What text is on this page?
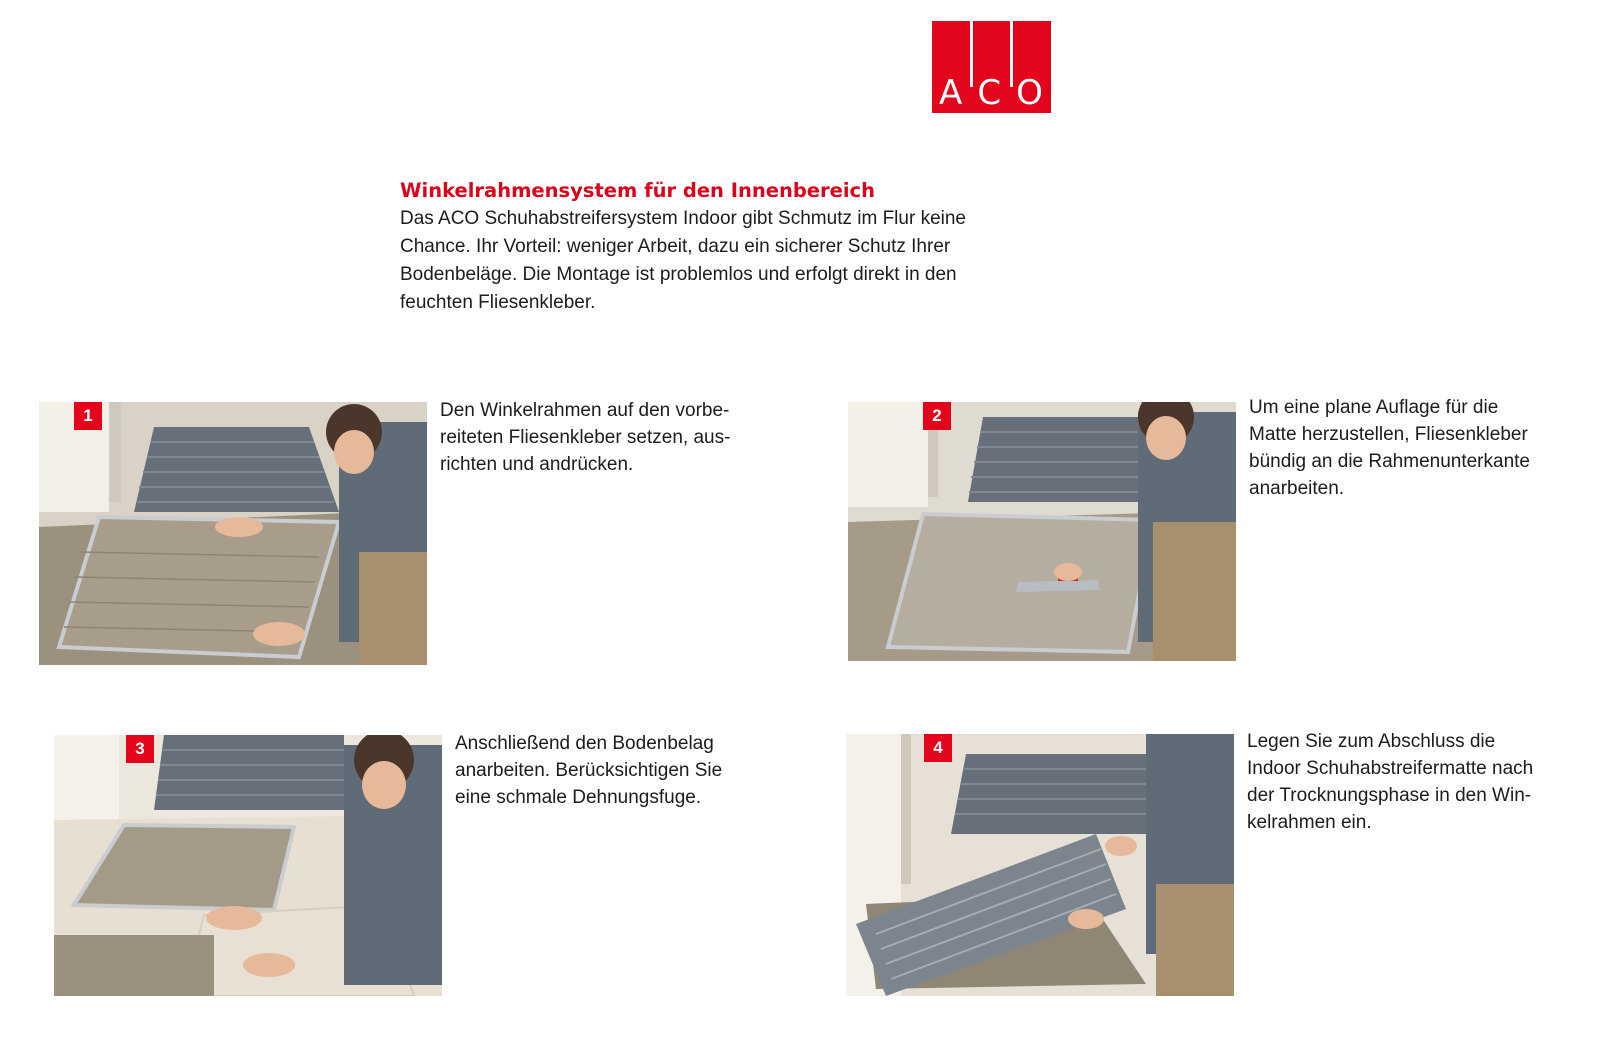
A C O
Winkelrahmensystem für den Innenbereich

Das ACO Schuhabstreifersystem Indoor gibt Schmutz im Flur keine
Chance. Ihr Vorteil: weniger Arbeit, dazu ein sicherer Schutz Ihrer
Bodenbeläge. Die Montage ist problemlos und erfolgt direkt in den
feuchten Fliesenkleber.

1	Den Winkelrahmen auf den vorbe-
reiteten Fliesenkleber setzen, aus-
richten und andrücken.

2	Um eine plane Auflage für die
Matte herzustellen, Fliesenkleber
bündig an die Rahmenunterkante
anarbeiten.

3	Anschließend den Bodenbelag
anarbeiten. Berücksichtigen Sie
eine schmale Dehnungsfuge.

4	Legen Sie zum Abschluss die
Indoor Schuhabstreifermatte nach
der Trocknungsphase in den Win-
kelrahmen ein.
